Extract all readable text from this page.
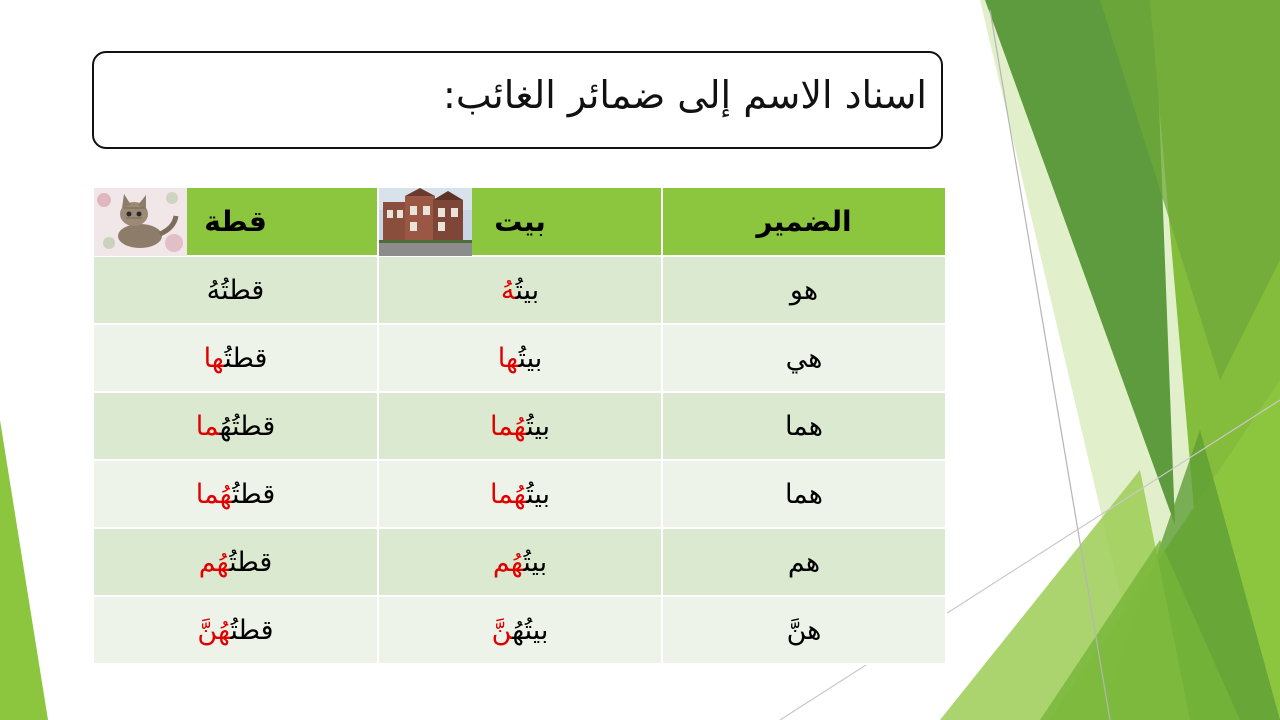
اسناد الاسم إلى ضمائر الغائب:
الضمير	بيت	قطة
هو	بيتُهُ	قطتُهُ
هي	بيتُها	قطتُها
هما	بيتُهُما	قطتُهُما
هما	بيتُهُما	قطتُهُما
هم	بيتُهُم	قطتُهُم
هنَّ	بيتُهُنَّ	قطتُهُنَّ
